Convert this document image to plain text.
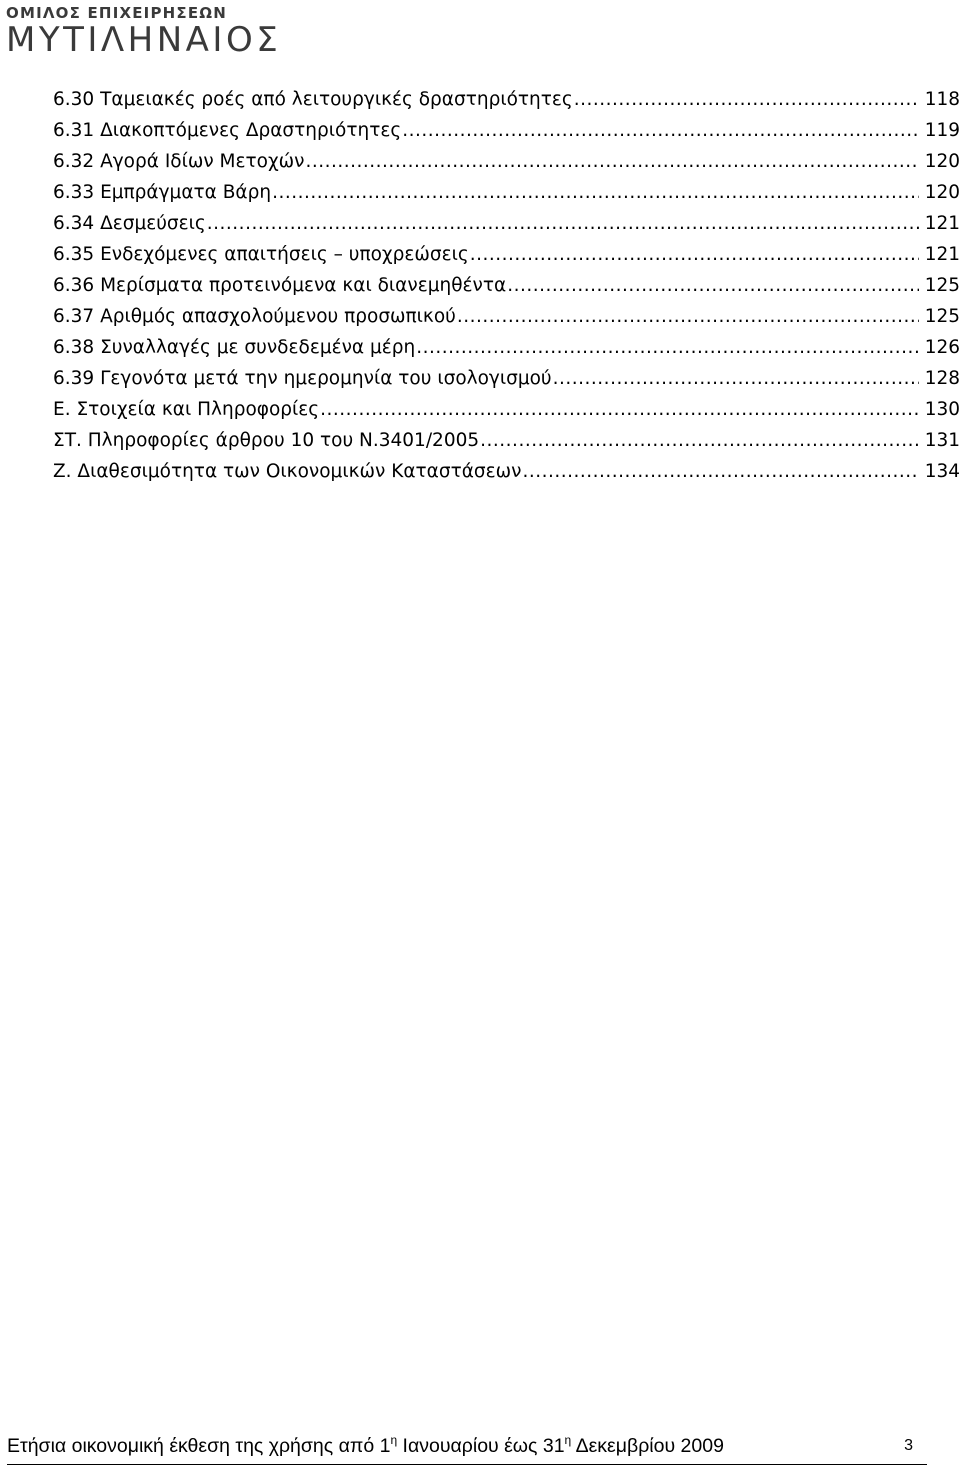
ΟΜΙΛΟΣ ΕΠΙΧΕΙΡΗΣΕΩΝ
ΜΥΤΙΛΗΝΑΙΟΣ
6.30 Ταμειακές ροές από λειτουργικές δραστηριότητες .....	118
6.31 Διακοπτόμενες Δραστηριότητες .....	119
6.32 Αγορά Ιδίων Μετοχών .....	120
6.33 Εμπράγματα Βάρη .....	120
6.34 Δεσμεύσεις .....	121
6.35 Ενδεχόμενες απαιτήσεις – υποχρεώσεις .....	121
6.36 Μερίσματα προτεινόμενα και διανεμηθέντα .....	125
6.37 Αριθμός απασχολούμενου προσωπικού .....	125
6.38 Συναλλαγές με συνδεδεμένα μέρη .....	126
6.39 Γεγονότα μετά την ημερομηνία του ισολογισμού .....	128
Ε. Στοιχεία και Πληροφορίες .....	130
ΣΤ. Πληροφορίες άρθρου 10 του Ν.3401/2005 .....	131
Ζ. Διαθεσιμότητα των Οικονομικών Καταστάσεων .....	134
Ετήσια οικονομική έκθεση της χρήσης από $1^\eta$ Ιανουαρίου έως $31^\eta$ Δεκεμβρίου 2009	3
